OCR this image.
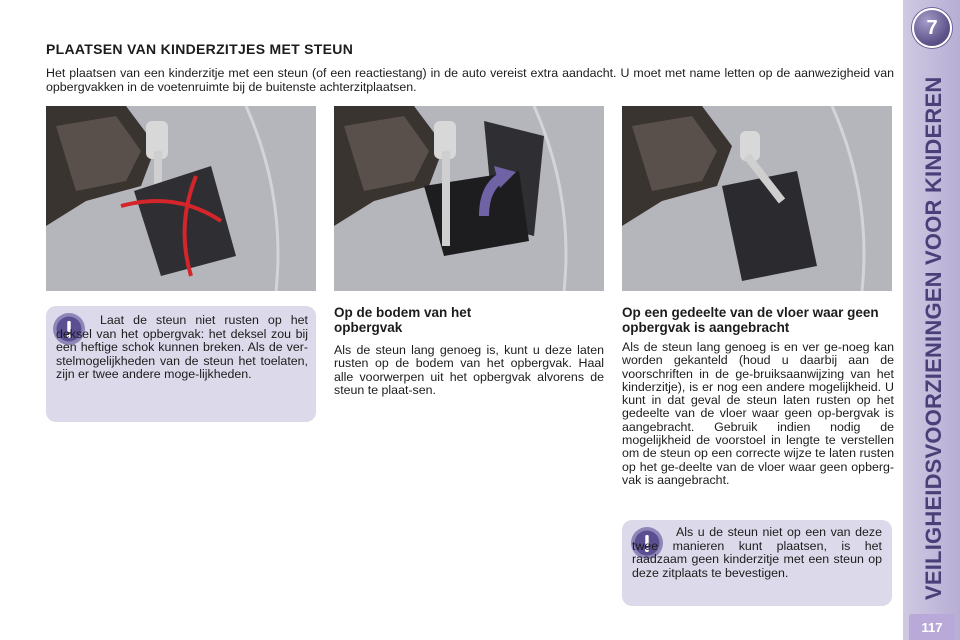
7
VEILIGHEIDSVOORZIENINGEN VOOR KINDEREN
117
PLAATSEN VAN KINDERZITJES MET STEUN

Het plaatsen van een kinderzitje met een steun (of een reactiestang) in de auto vereist extra aandacht. U moet met name letten op de aanwezigheid van opbergvakken in de voetenruimte bij de buitenste achterzitplaatsen.

Laat de steun niet rusten op het deksel van het opbergvak: het deksel zou bij een heftige schok kunnen breken. Als de ver-stelmogelijkheden van de steun het toelaten, zijn er twee andere moge-lijkheden.

Op de bodem van het opbergvak

Als de steun lang genoeg is, kunt u deze laten rusten op de bodem van het opbergvak. Haal alle voorwerpen uit het opbergvak alvorens de steun te plaat-sen.

Op een gedeelte van de vloer waar geen opbergvak is aangebracht

Als de steun lang genoeg is en ver ge-noeg kan worden gekanteld (houd u daarbij aan de voorschriften in de ge-bruiksaanwijzing van het kinderzitje), is er nog een andere mogelijkheid. U kunt in dat geval de steun laten rusten op het gedeelte van de vloer waar geen op-bergvak is aangebracht. Gebruik indien nodig de mogelijkheid de voorstoel in lengte te verstellen om de steun op een correcte wijze te laten rusten op het ge-deelte van de vloer waar geen opberg-vak is aangebracht.

Als u de steun niet op een van deze twee manieren kunt plaatsen, is het raadzaam geen kinderzitje met een steun op deze zitplaats te bevestigen.
